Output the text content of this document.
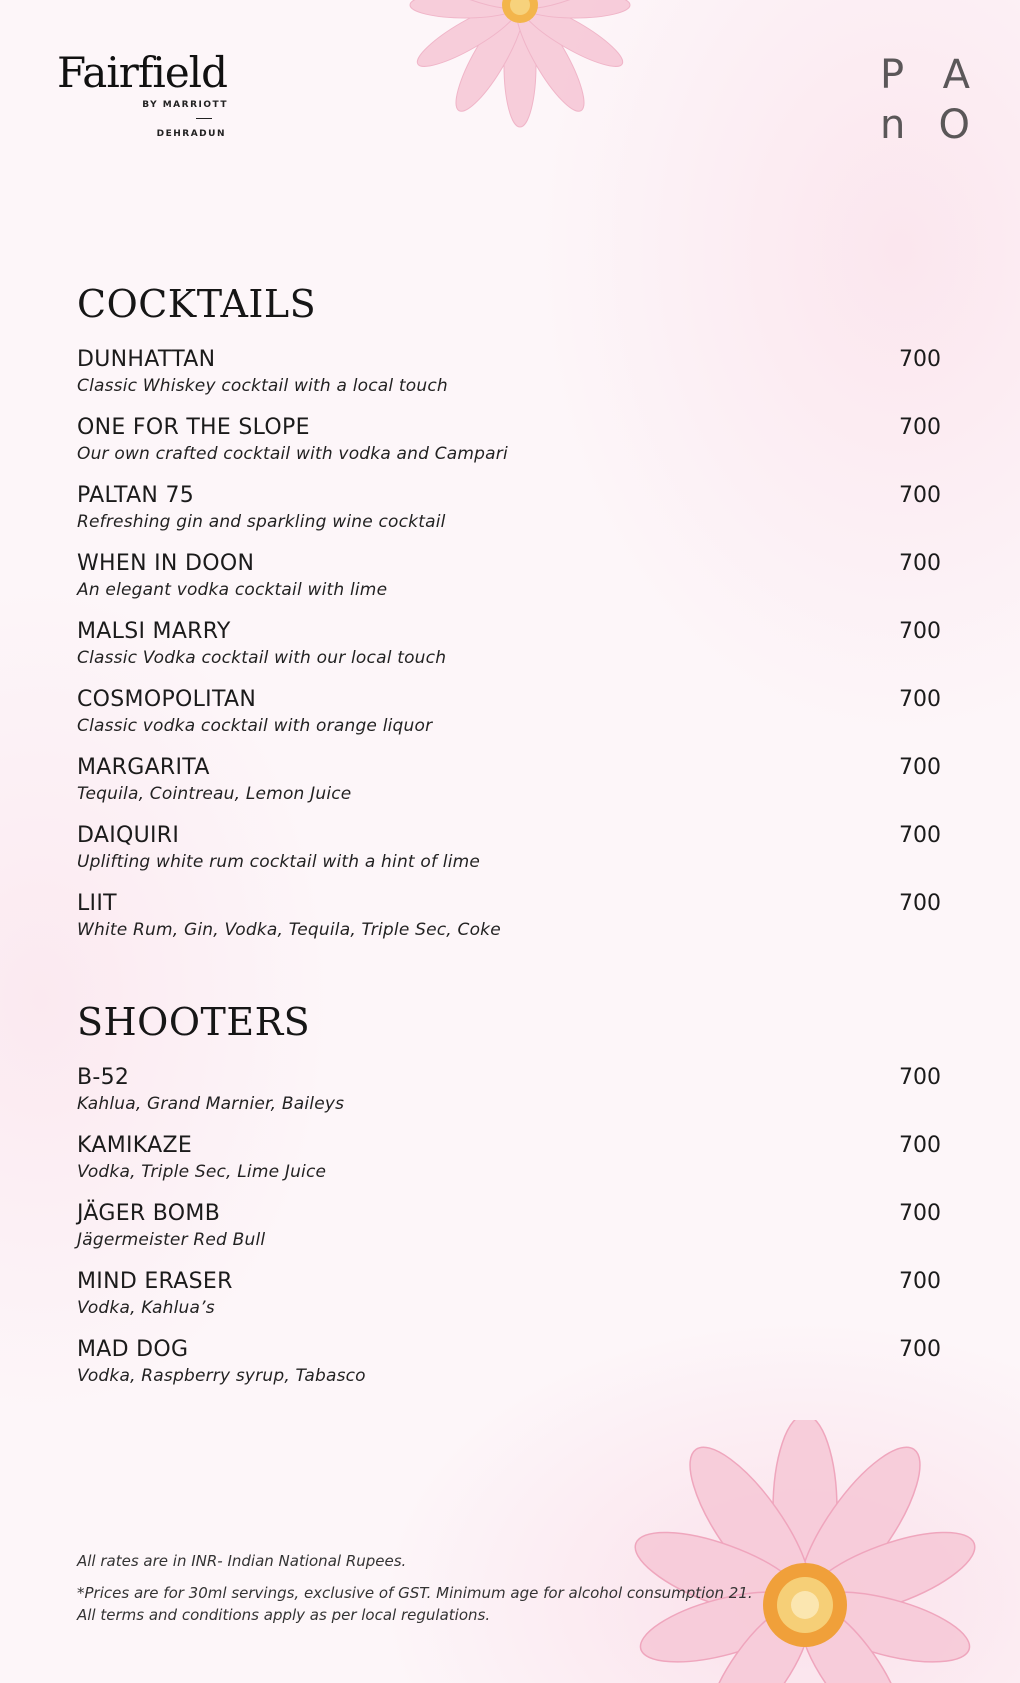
Fairfield
BY MARRIOTT
DEHRADUN
P A
n O
COCKTAILS
DUNHATTAN
Classic Whiskey cocktail with a local touch
700
ONE FOR THE SLOPE
Our own crafted cocktail with vodka and Campari
700
PALTAN 75
Refreshing gin and sparkling wine cocktail
700
WHEN IN DOON
An elegant vodka cocktail with lime
700
MALSI MARRY
Classic Vodka cocktail with our local touch
700
COSMOPOLITAN
Classic vodka cocktail with orange liquor
700
MARGARITA
Tequila, Cointreau, Lemon Juice
700
DAIQUIRI
Uplifting white rum cocktail with a hint of lime
700
LIIT
White Rum, Gin, Vodka, Tequila, Triple Sec, Coke
700
SHOOTERS
B-52
Kahlua, Grand Marnier, Baileys
700
KAMIKAZE
Vodka, Triple Sec, Lime Juice
700
JÄGER BOMB
Jägermeister Red Bull
700
MIND ERASER
Vodka, Kahlua’s
700
MAD DOG
Vodka, Raspberry syrup, Tabasco
700
All rates are in INR- Indian National Rupees.
*Prices are for 30ml servings, exclusive of GST. Minimum age for alcohol consumption 21.
All terms and conditions apply as per local regulations.
